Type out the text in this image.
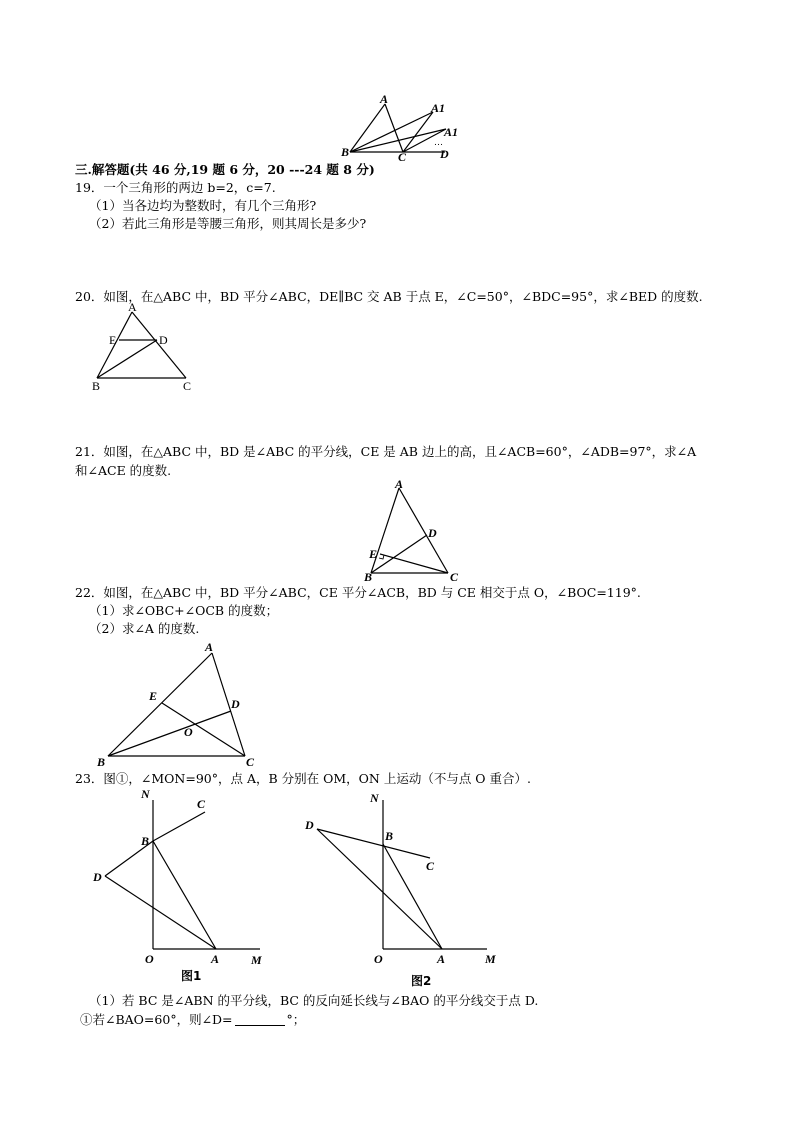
…
A
A1
A1
B	C	D
三.解答题(共 46 分,19 题 6 分，20 ---24 题 8 分)
19．一个三角形的两边 b=2，c=7.
（1）当各边均为整数时，有几个三角形?
（2）若此三角形是等腰三角形，则其周长是多少?
20．如图，在△ABC 中，BD 平分∠ABC，DE∥BC 交 AB 于点 E，∠C=50°，∠BDC=95°，求∠BED 的度数.
A
E	D
B	C
21．如图，在△ABC 中，BD 是∠ABC 的平分线，CE 是 AB 边上的高，且∠ACB=60°，∠ADB=97°，求∠A
和∠ACE 的度数.
A
D
E
B	C
22．如图，在△ABC 中，BD 平分∠ABC，CE 平分∠ACB，BD 与 CE 相交于点 O，∠BOC=119°.
（1）求∠OBC+∠OCB 的度数；
（2）求∠A 的度数.
A
E
D
O
B	C
23．图①，∠MON=90°，点 A，B 分别在 OM，ON 上运动（不与点 O 重合）.
N
C
B
D
O	A	M
图1
N
D
B
C
O	A	M
图2
（1）若 BC 是∠ABN 的平分线，BC 的反向延长线与∠BAO 的平分线交于点 D.
①若∠BAO=60°，则∠D=	°；
